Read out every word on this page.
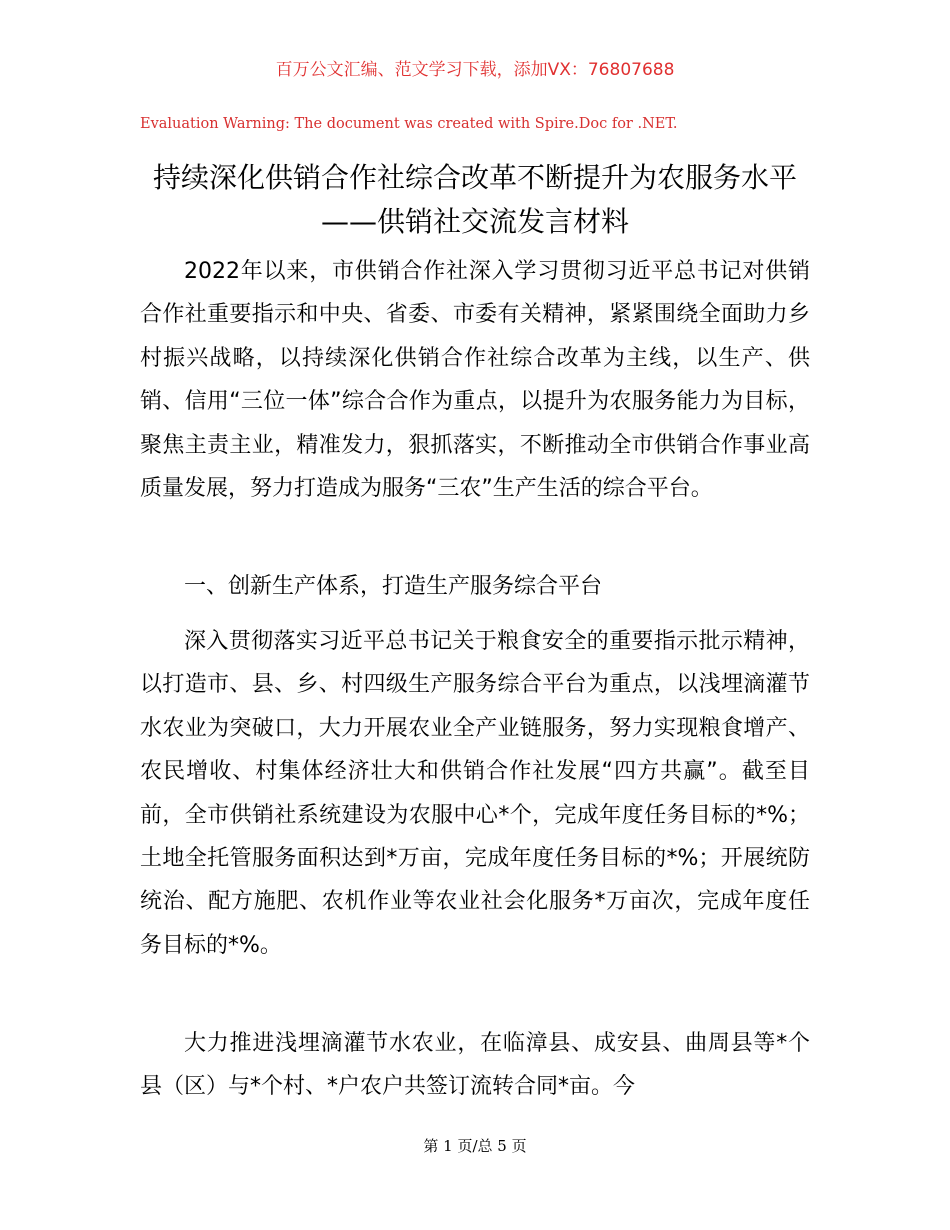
百万公文汇编、范文学习下载，添加VX：76807688
Evaluation Warning: The document was created with Spire.Doc for .NET.
持续深化供销合作社综合改革不断提升为农服务水平——供销社交流发言材料

2022年以来，市供销合作社深入学习贯彻习近平总书记对供销合作社重要指示和中央、省委、市委有关精神，紧紧围绕全面助力乡村振兴战略，以持续深化供销合作社综合改革为主线，以生产、供销、信用“三位一体”综合合作为重点，以提升为农服务能力为目标，聚焦主责主业，精准发力，狠抓落实，不断推动全市供销合作事业高质量发展，努力打造成为服务“三农”生产生活的综合平台。

一、创新生产体系，打造生产服务综合平台

深入贯彻落实习近平总书记关于粮食安全的重要指示批示精神，以打造市、县、乡、村四级生产服务综合平台为重点，以浅埋滴灌节水农业为突破口，大力开展农业全产业链服务，努力实现粮食增产、农民增收、村集体经济壮大和供销合作社发展“四方共赢”。截至目前，全市供销社系统建设为农服中心*个，完成年度任务目标的*%；土地全托管服务面积达到*万亩，完成年度任务目标的*%；开展统防统治、配方施肥、农机作业等农业社会化服务*万亩次，完成年度任务目标的*%。

大力推进浅埋滴灌节水农业，在临漳县、成安县、曲周县等*个县（区）与*个村、*户农户共签订流转合同*亩。今

第 1 页/总 5 页
